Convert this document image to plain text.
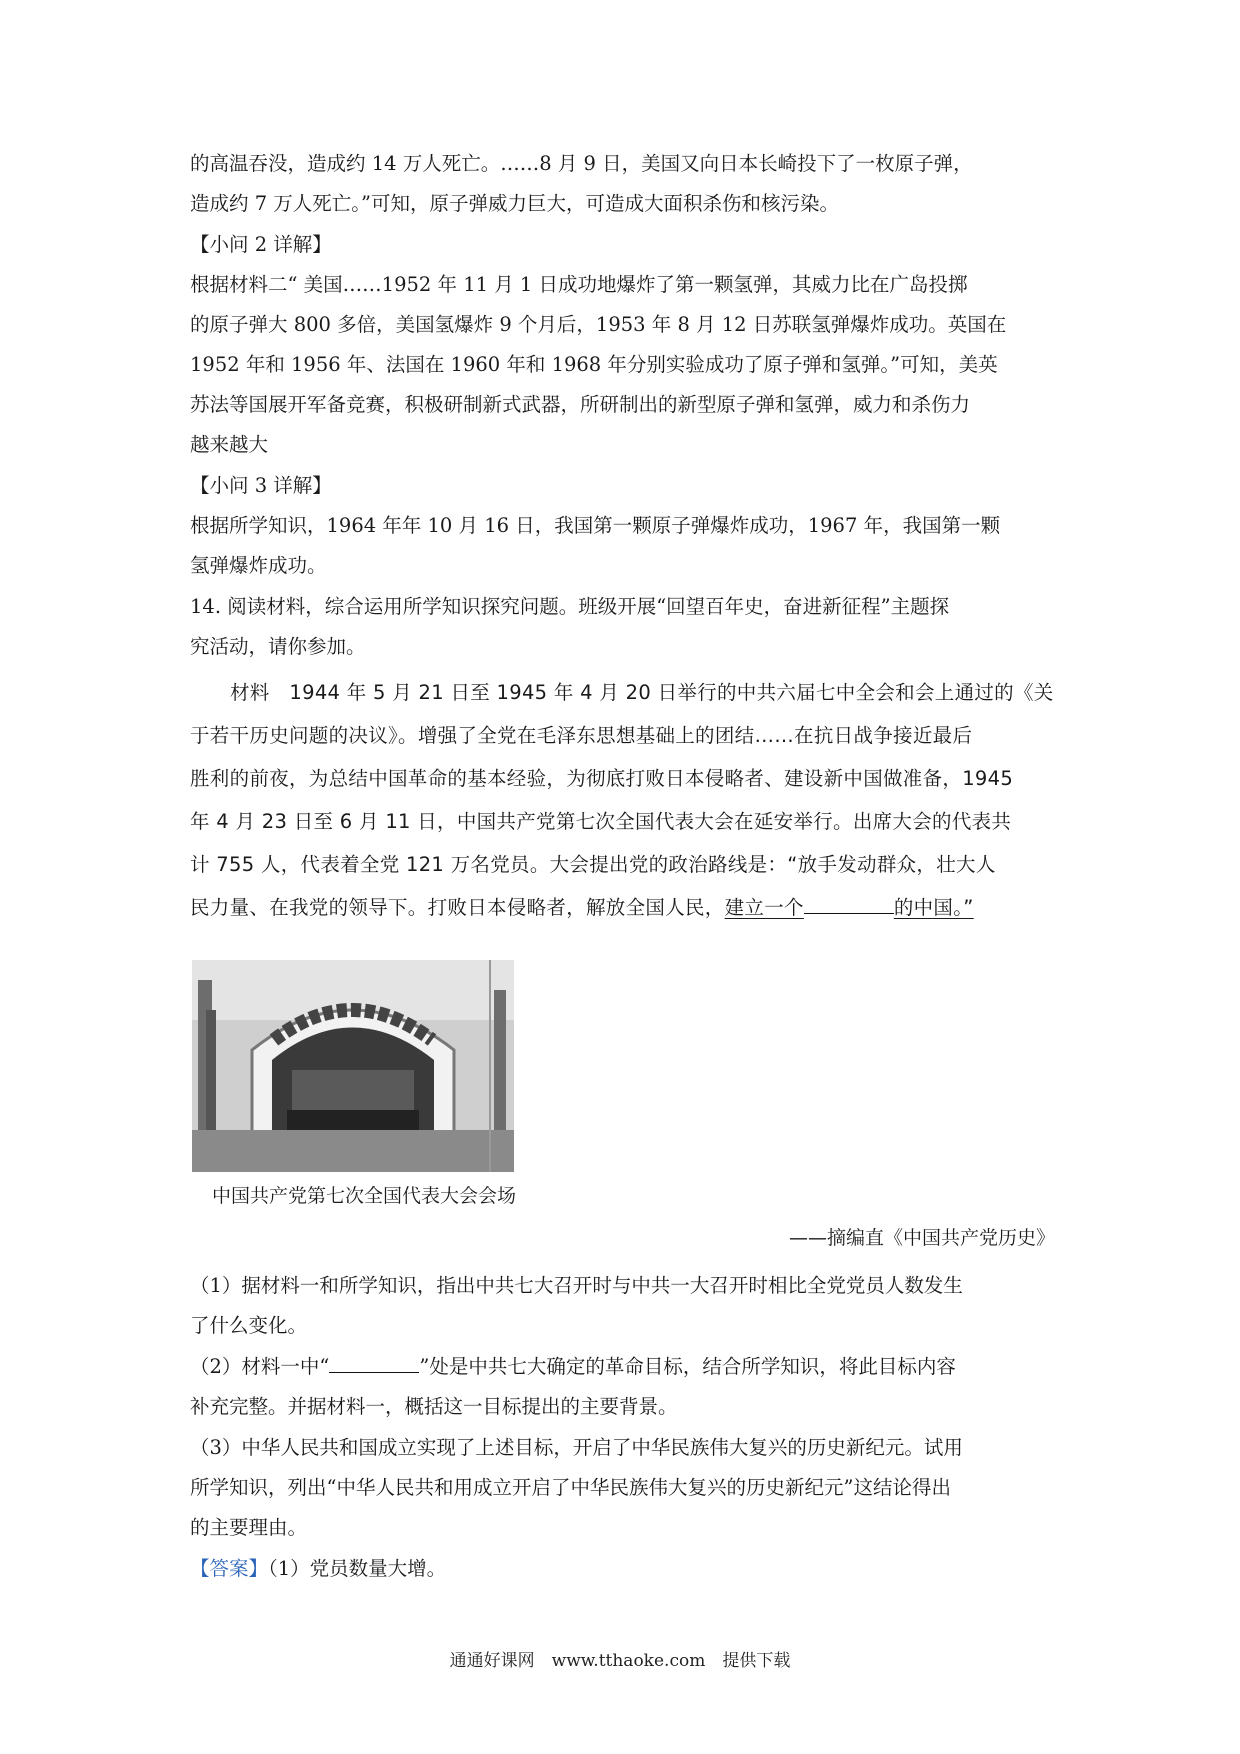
的高温吞没，造成约 14 万人死亡。……8 月 9 日，美国又向日本长崎投下了一枚原子弹，
造成约 7 万人死亡。”可知，原子弹威力巨大，可造成大面积杀伤和核污染。
【小问 2 详解】
根据材料二“ 美国……1952 年 11 月 1 日成功地爆炸了第一颗氢弹，其威力比在广岛投掷
的原子弹大 800 多倍，美国氢爆炸 9 个月后，1953 年 8 月 12 日苏联氢弹爆炸成功。英国在
1952 年和 1956 年、法国在 1960 年和 1968 年分别实验成功了原子弹和氢弹。”可知，美英
苏法等国展开军备竞赛，积极研制新式武器，所研制出的新型原子弹和氢弹，威力和杀伤力
越来越大
【小问 3 详解】
根据所学知识，1964 年年 10 月 16 日，我国第一颗原子弹爆炸成功，1967 年，我国第一颗
氢弹爆炸成功。
14. 阅读材料，综合运用所学知识探究问题。班级开展“回望百年史，奋进新征程”主题探
究活动，请你参加。
材料　1944 年 5 月 21 日至 1945 年 4 月 20 日举行的中共六届七中全会和会上通过的《关
于若干历史问题的决议》。增强了全党在毛泽东思想基础上的团结……在抗日战争接近最后
胜利的前夜，为总结中国革命的基本经验，为彻底打败日本侵略者、建设新中国做准备，1945
年 4 月 23 日至 6 月 11 日，中国共产党第七次全国代表大会在延安举行。出席大会的代表共
计 755 人，代表着全党 121 万名党员。大会提出党的政治路线是：“放手发动群众，壮大人
民力量、在我党的领导下。打败日本侵略者，解放全国人民，建立一个	的中国。”
中国共产党第七次全国代表大会会场
——摘编直《中国共产党历史》
（1）据材料一和所学知识，指出中共七大召开时与中共一大召开时相比全党党员人数发生
了什么变化。
（2）材料一中“	”处是中共七大确定的革命目标，结合所学知识，将此目标内容
补充完整。并据材料一，概括这一目标提出的主要背景。
（3）中华人民共和国成立实现了上述目标，开启了中华民族伟大复兴的历史新纪元。试用
所学知识，列出“中华人民共和用成立开启了中华民族伟大复兴的历史新纪元”这结论得出
的主要理由。
【答案】（1）党员数量大增。
通通好课网　www.tthaoke.com　提供下载
